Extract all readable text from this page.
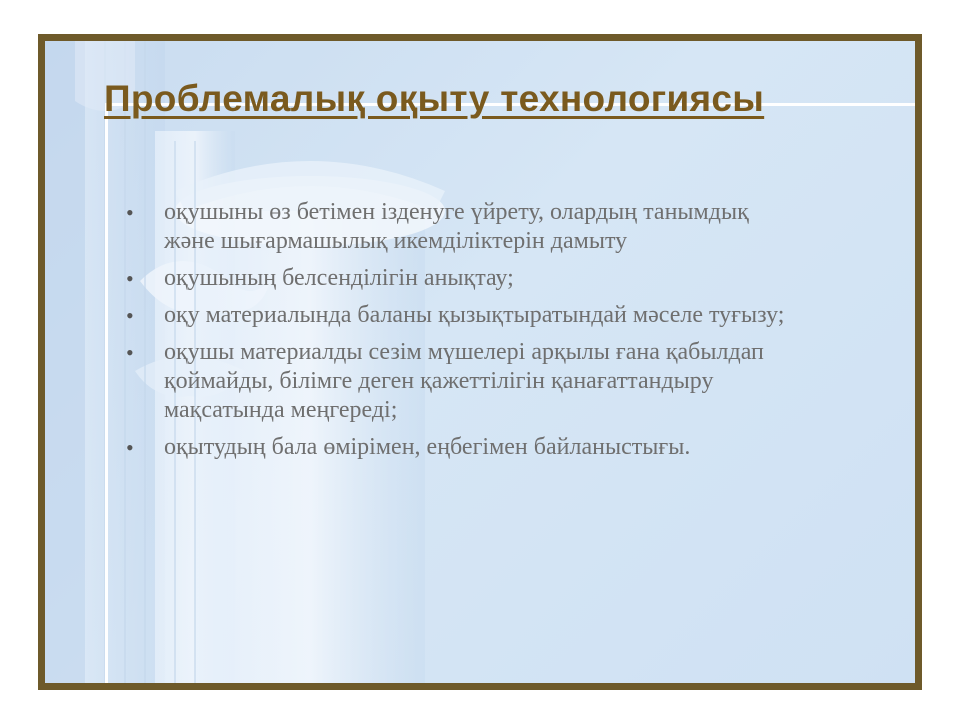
Проблемалық оқыту технологиясы
• оқушыны өз бетімен ізденуге үйрету, олардың танымдық және шығармашылық икемділіктерін дамыту
• оқушының белсенділігін анықтау;
• оқу материалында баланы қызықтыратындай мәселе туғызу;
• оқушы материалды сезім мүшелері арқылы ғана қабылдап қоймайды, білімге деген қажеттілігін қанағаттандыру мақсатында меңгереді;
• оқытудың бала өмірімен, еңбегімен байланыстығы.
